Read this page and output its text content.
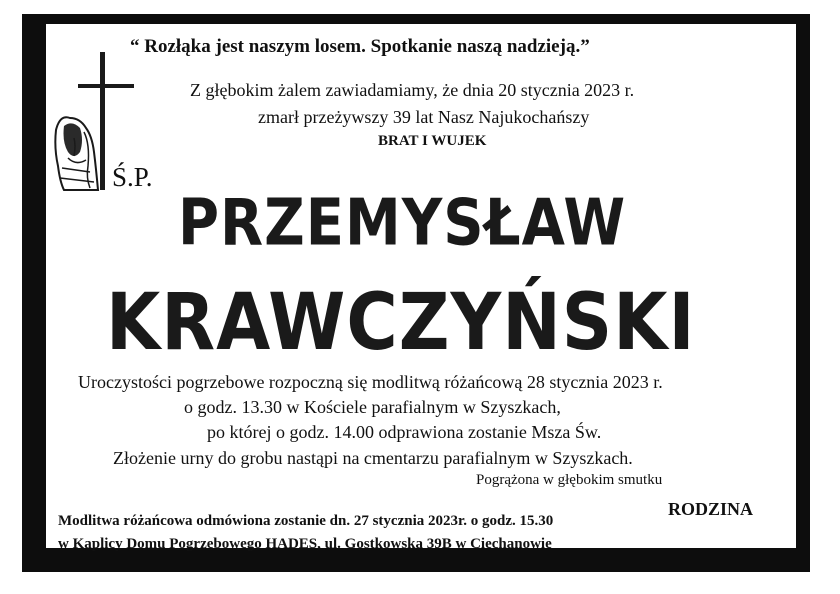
“ Rozłąka jest naszym losem. Spotkanie naszą nadzieją.”
Z głębokim żalem zawiadamiamy, że dnia 20 stycznia 2023 r.
zmarł przeżywszy 39 lat Nasz Najukochańszy
BRAT I WUJEK
Ś.P.
PRZEMYSŁAW
KRAWCZYŃSKI
Uroczystości pogrzebowe rozpoczną się modlitwą różańcową 28 stycznia 2023 r.
o godz. 13.30 w Kościele parafialnym w Szyszkach,
po której o godz. 14.00 odprawiona zostanie Msza Św.
Złożenie urny do grobu nastąpi na cmentarzu parafialnym w Szyszkach.
Pogrążona w głębokim smutku
RODZINA
Modlitwa różańcowa odmówiona zostanie dn. 27 stycznia 2023r. o godz. 15.30
w Kaplicy Domu Pogrzebowego HADES, ul. Gostkowska 39B w Ciechanowie
DRUK: Z.U.P. "HADES" R.Żurawski tel. 023 672 14 88, 662 198 820
